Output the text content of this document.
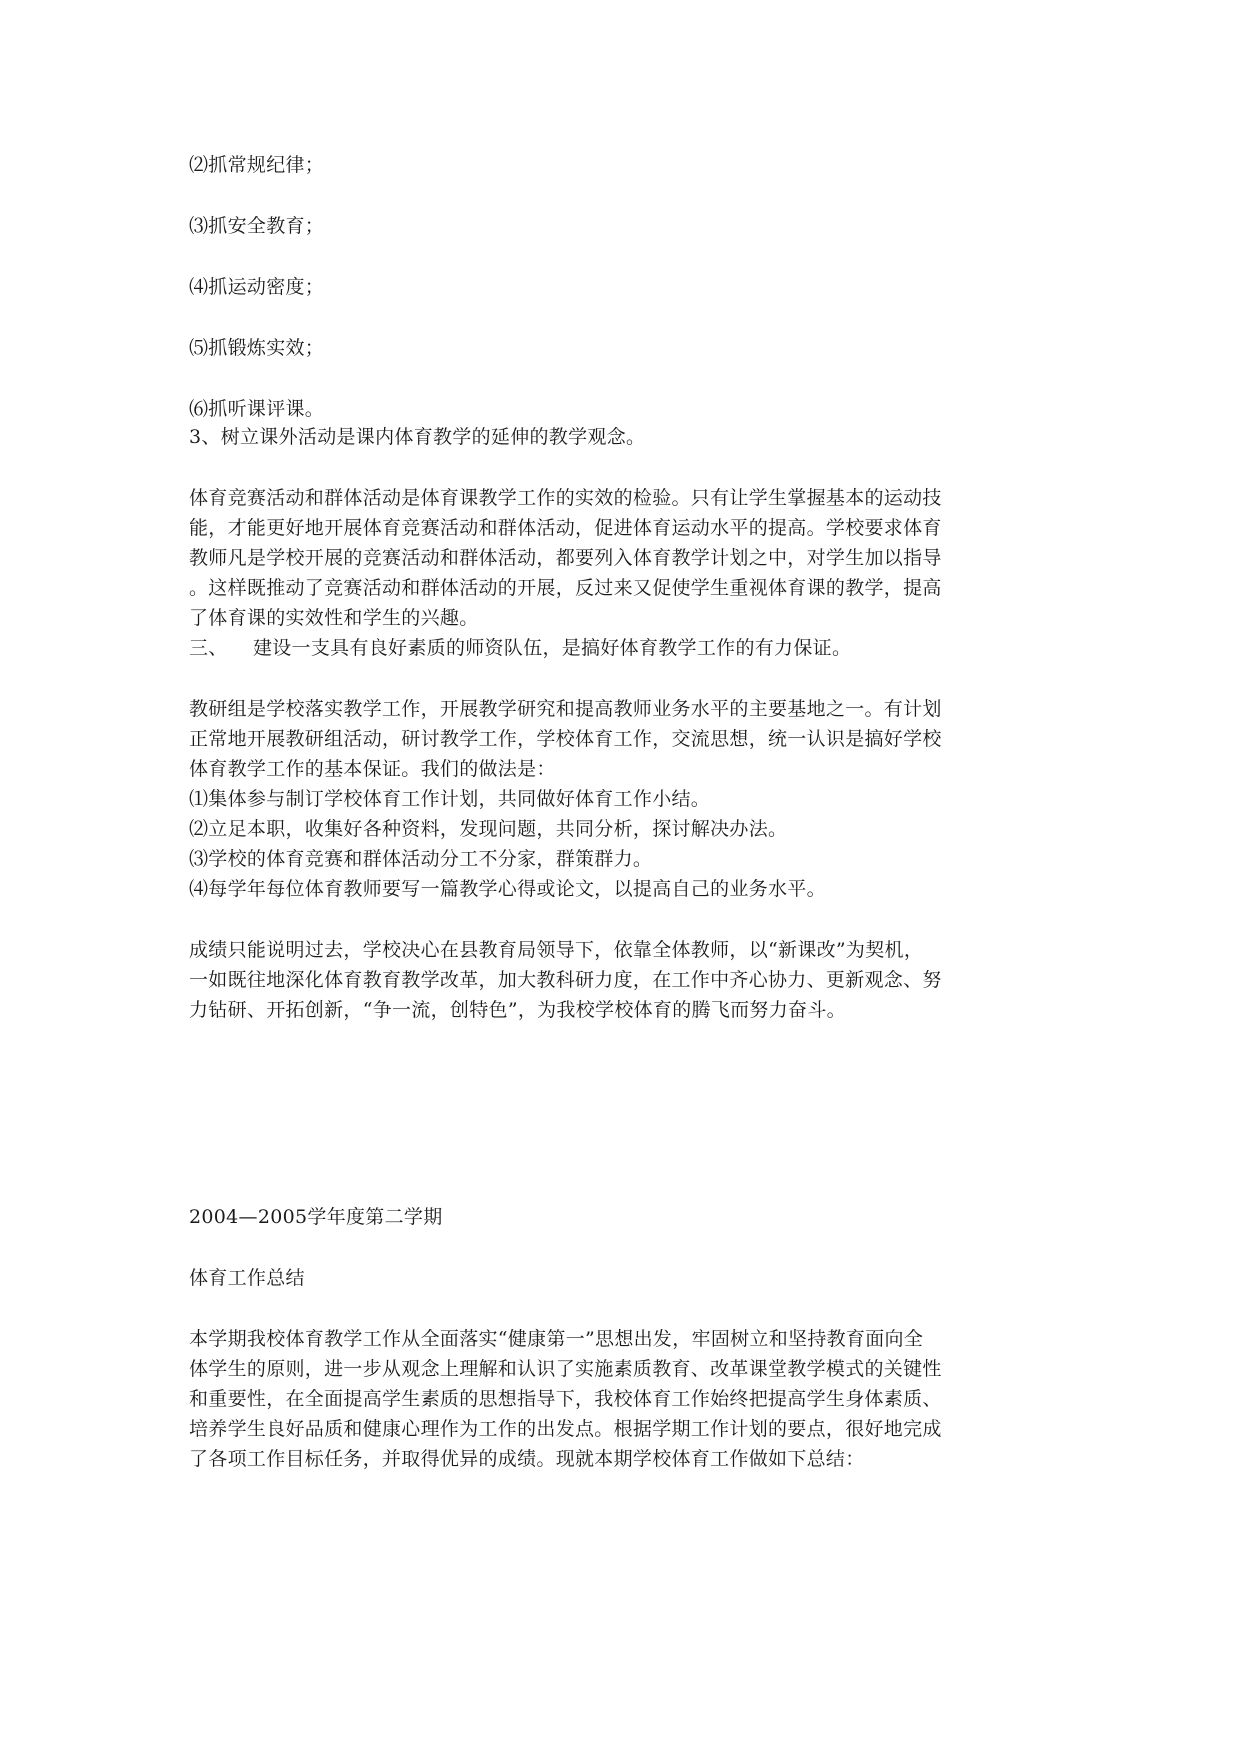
⑵抓常规纪律；
⑶抓安全教育；
⑷抓运动密度；
⑸抓锻炼实效；
⑹抓听课评课。
3、树立课外活动是课内体育教学的延伸的教学观念。
体育竞赛活动和群体活动是体育课教学工作的实效的检验。只有让学生掌握基本的运动技
能，才能更好地开展体育竞赛活动和群体活动，促进体育运动水平的提高。学校要求体育
教师凡是学校开展的竞赛活动和群体活动，都要列入体育教学计划之中，对学生加以指导
。这样既推动了竞赛活动和群体活动的开展，反过来又促使学生重视体育课的教学，提高
了体育课的实效性和学生的兴趣。
三、    建设一支具有良好素质的师资队伍，是搞好体育教学工作的有力保证。
教研组是学校落实教学工作，开展教学研究和提高教师业务水平的主要基地之一。有计划
正常地开展教研组活动，研讨教学工作，学校体育工作，交流思想，统一认识是搞好学校
体育教学工作的基本保证。我们的做法是：
⑴集体参与制订学校体育工作计划，共同做好体育工作小结。
⑵立足本职，收集好各种资料，发现问题，共同分析，探讨解决办法。
⑶学校的体育竞赛和群体活动分工不分家，群策群力。
⑷每学年每位体育教师要写一篇教学心得或论文，以提高自己的业务水平。
成绩只能说明过去，学校决心在县教育局领导下，依靠全体教师，以“新课改”为契机，
一如既往地深化体育教育教学改革，加大教科研力度，在工作中齐心协力、更新观念、努
力钻研、开拓创新，“争一流，创特色”，为我校学校体育的腾飞而努力奋斗。
2004—2005学年度第二学期
体育工作总结
本学期我校体育教学工作从全面落实“健康第一”思想出发，牢固树立和坚持教育面向全
体学生的原则，进一步从观念上理解和认识了实施素质教育、改革课堂教学模式的关键性
和重要性，在全面提高学生素质的思想指导下，我校体育工作始终把提高学生身体素质、
培养学生良好品质和健康心理作为工作的出发点。根据学期工作计划的要点，很好地完成
了各项工作目标任务，并取得优异的成绩。现就本期学校体育工作做如下总结：
